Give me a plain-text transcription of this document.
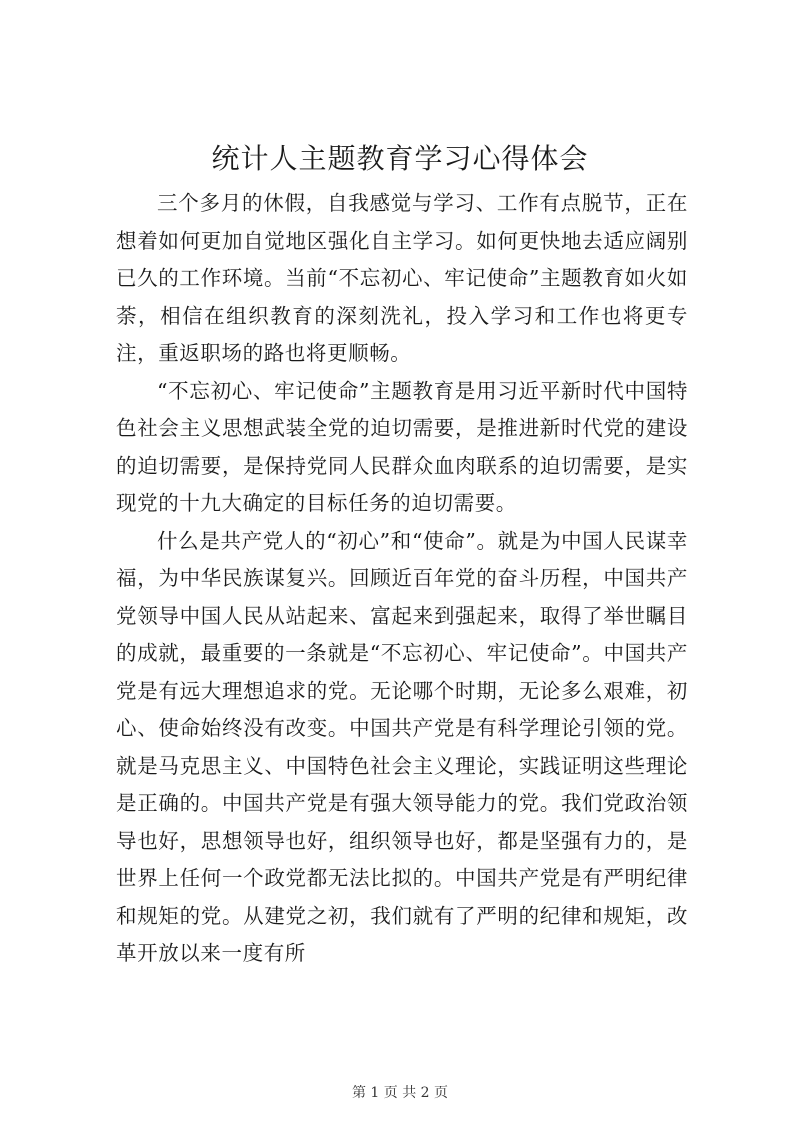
统计人主题教育学习心得体会

三个多月的休假，自我感觉与学习、工作有点脱节，正在想着如何更加自觉地区强化自主学习。如何更快地去适应阔别已久的工作环境。当前“不忘初心、牢记使命”主题教育如火如荼，相信在组织教育的深刻洗礼，投入学习和工作也将更专注，重返职场的路也将更顺畅。

“不忘初心、牢记使命”主题教育是用习近平新时代中国特色社会主义思想武装全党的迫切需要，是推进新时代党的建设的迫切需要，是保持党同人民群众血肉联系的迫切需要，是实现党的十九大确定的目标任务的迫切需要。

什么是共产党人的“初心”和“使命”。就是为中国人民谋幸福，为中华民族谋复兴。回顾近百年党的奋斗历程，中国共产党领导中国人民从站起来、富起来到强起来，取得了举世瞩目的成就，最重要的一条就是“不忘初心、牢记使命”。中国共产党是有远大理想追求的党。无论哪个时期，无论多么艰难，初心、使命始终没有改变。中国共产党是有科学理论引领的党。就是马克思主义、中国特色社会主义理论，实践证明这些理论是正确的。中国共产党是有强大领导能力的党。我们党政治领导也好，思想领导也好，组织领导也好，都是坚强有力的，是世界上任何一个政党都无法比拟的。中国共产党是有严明纪律和规矩的党。从建党之初，我们就有了严明的纪律和规矩，改革开放以来一度有所

第 1 页 共 2 页
